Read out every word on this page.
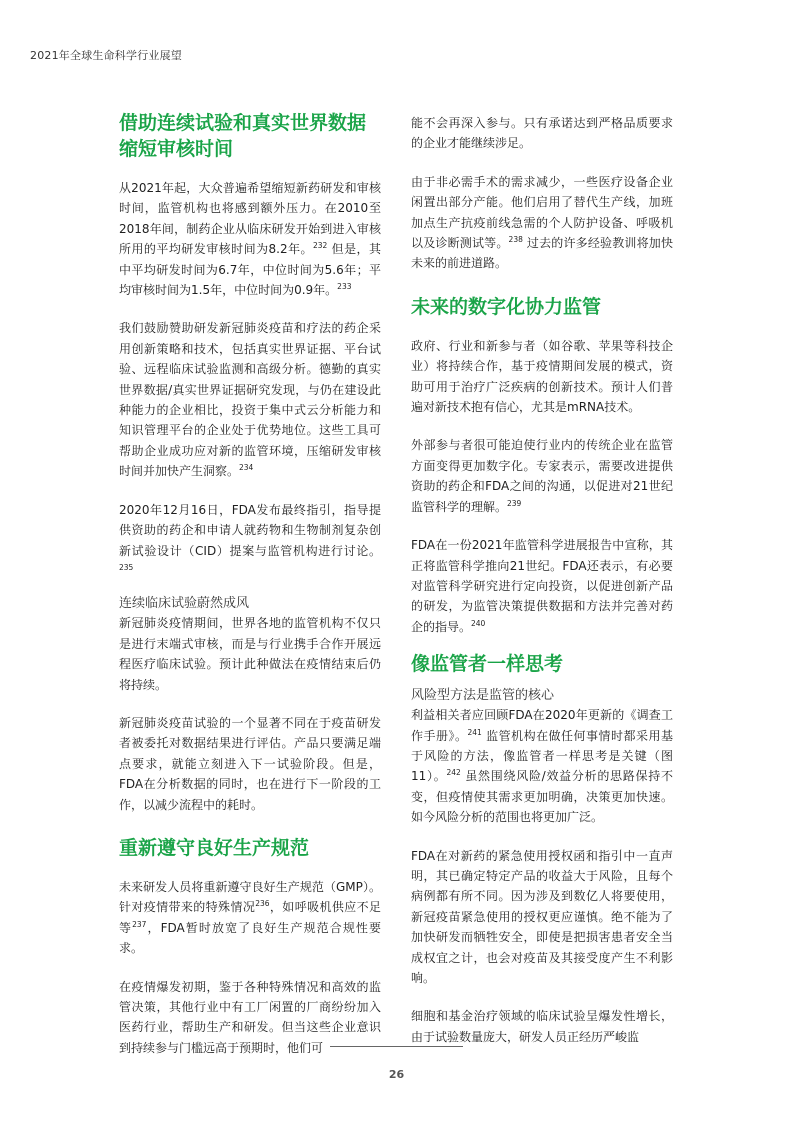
2021年全球生命科学行业展望
借助连续试验和真实世界数据缩短审核时间

从2021年起，大众普遍希望缩短新药研发和审核时间，监管机构也将感到额外压力。在2010至2018年间，制药企业从临床研发开始到进入审核所用的平均研发审核时间为8.2年。$^{232}$ 但是，其中平均研发时间为6.7年，中位时间为5.6年；平均审核时间为1.5年，中位时间为0.9年。$^{233}$

我们鼓励赞助研发新冠肺炎疫苗和疗法的药企采用创新策略和技术，包括真实世界证据、平台试验、远程临床试验监测和高级分析。德勤的真实世界数据/真实世界证据研究发现，与仍在建设此种能力的企业相比，投资于集中式云分析能力和知识管理平台的企业处于优势地位。这些工具可帮助企业成功应对新的监管环境，压缩研发审核时间并加快产生洞察。$^{234}$

2020年12月16日，FDA发布最终指引，指导提供资助的药企和申请人就药物和生物制剂复杂创新试验设计（CID）提案与监管机构进行讨论。$^{235}$

连续临床试验蔚然成风

新冠肺炎疫情期间，世界各地的监管机构不仅只是进行末端式审核，而是与行业携手合作开展远程医疗临床试验。预计此种做法在疫情结束后仍将持续。

新冠肺炎疫苗试验的一个显著不同在于疫苗研发者被委托对数据结果进行评估。产品只要满足端点要求，就能立刻进入下一试验阶段。但是，FDA在分析数据的同时，也在进行下一阶段的工作，以减少流程中的耗时。

重新遵守良好生产规范

未来研发人员将重新遵守良好生产规范（GMP）。针对疫情带来的特殊情况$^{236}$，如呼吸机供应不足等$^{237}$，FDA暂时放宽了良好生产规范合规性要求。

在疫情爆发初期，鉴于各种特殊情况和高效的监管决策，其他行业中有工厂闲置的厂商纷纷加入医药行业，帮助生产和研发。但当这些企业意识到持续参与门槛远高于预期时，他们可

能不会再深入参与。只有承诺达到严格品质要求的企业才能继续涉足。

由于非必需手术的需求减少，一些医疗设备企业闲置出部分产能。他们启用了替代生产线，加班加点生产抗疫前线急需的个人防护设备、呼吸机以及诊断测试等。$^{238}$ 过去的许多经验教训将加快未来的前进道路。

未来的数字化协力监管

政府、行业和新参与者（如谷歌、苹果等科技企业）将持续合作，基于疫情期间发展的模式，资助可用于治疗广泛疾病的创新技术。预计人们普遍对新技术抱有信心，尤其是mRNA技术。

外部参与者很可能迫使行业内的传统企业在监管方面变得更加数字化。专家表示，需要改进提供资助的药企和FDA之间的沟通，以促进对21世纪监管科学的理解。$^{239}$

FDA在一份2021年监管科学进展报告中宣称，其正将监管科学推向21世纪。FDA还表示，有必要对监管科学研究进行定向投资，以促进创新产品的研发，为监管决策提供数据和方法并完善对药企的指导。$^{240}$

像监管者一样思考
风险型方法是监管的核心

利益相关者应回顾FDA在2020年更新的《调查工作手册》。$^{241}$ 监管机构在做任何事情时都采用基于风险的方法，像监管者一样思考是关键（图11）。$^{242}$ 虽然围绕风险/效益分析的思路保持不变，但疫情使其需求更加明确，决策更加快速。如今风险分析的范围也将更加广泛。

FDA在对新药的紧急使用授权函和指引中一直声明，其已确定特定产品的收益大于风险，且每个病例都有所不同。因为涉及到数亿人将要使用，新冠疫苗紧急使用的授权更应谨慎。绝不能为了加快研发而牺牲安全，即使是把损害患者安全当成权宜之计，也会对疫苗及其接受度产生不利影响。

细胞和基金治疗领域的临床试验呈爆发性增长，由于试验数量庞大，研发人员正经历严峻监

26
